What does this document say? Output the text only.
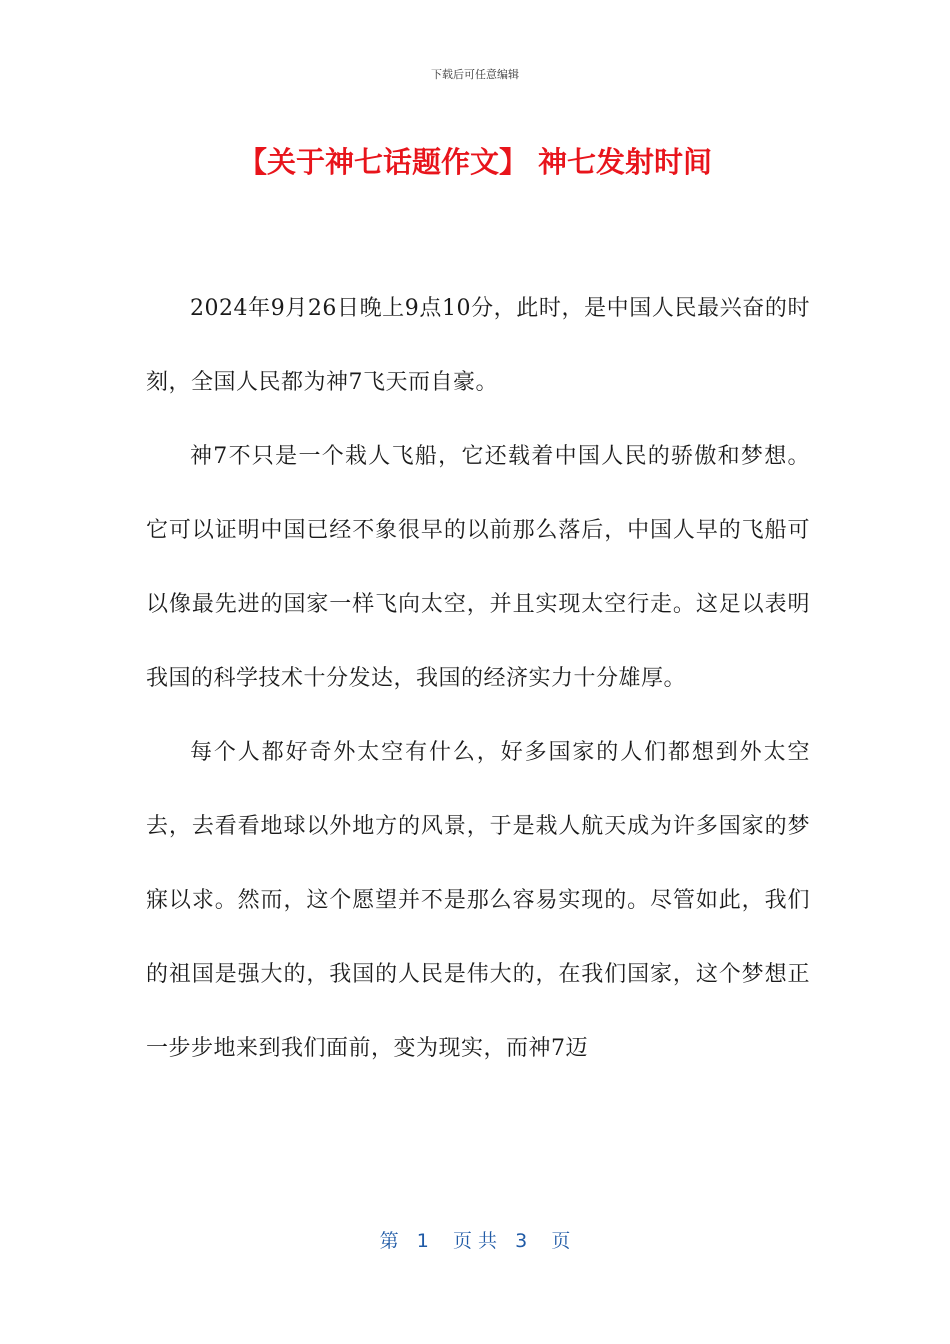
下载后可任意编辑
【关于神七话题作文】 神七发射时间

2024年9月26日晚上9点10分，此时，是中国人民最兴奋的时刻，全国人民都为神7飞天而自豪。

神7不只是一个栽人飞船，它还载着中国人民的骄傲和梦想。它可以证明中国已经不象很早的以前那么落后，中国人早的飞船可以像最先进的国家一样飞向太空，并且实现太空行走。这足以表明我国的科学技术十分发达，我国的经济实力十分雄厚。

每个人都好奇外太空有什么，好多国家的人们都想到外太空去，去看看地球以外地方的风景，于是栽人航天成为许多国家的梦寐以求。然而，这个愿望并不是那么容易实现的。尽管如此，我们的祖国是强大的，我国的人民是伟大的，在我们国家，这个梦想正一步步地来到我们面前，变为现实，而神7迈

第   1    页 共   3    页
